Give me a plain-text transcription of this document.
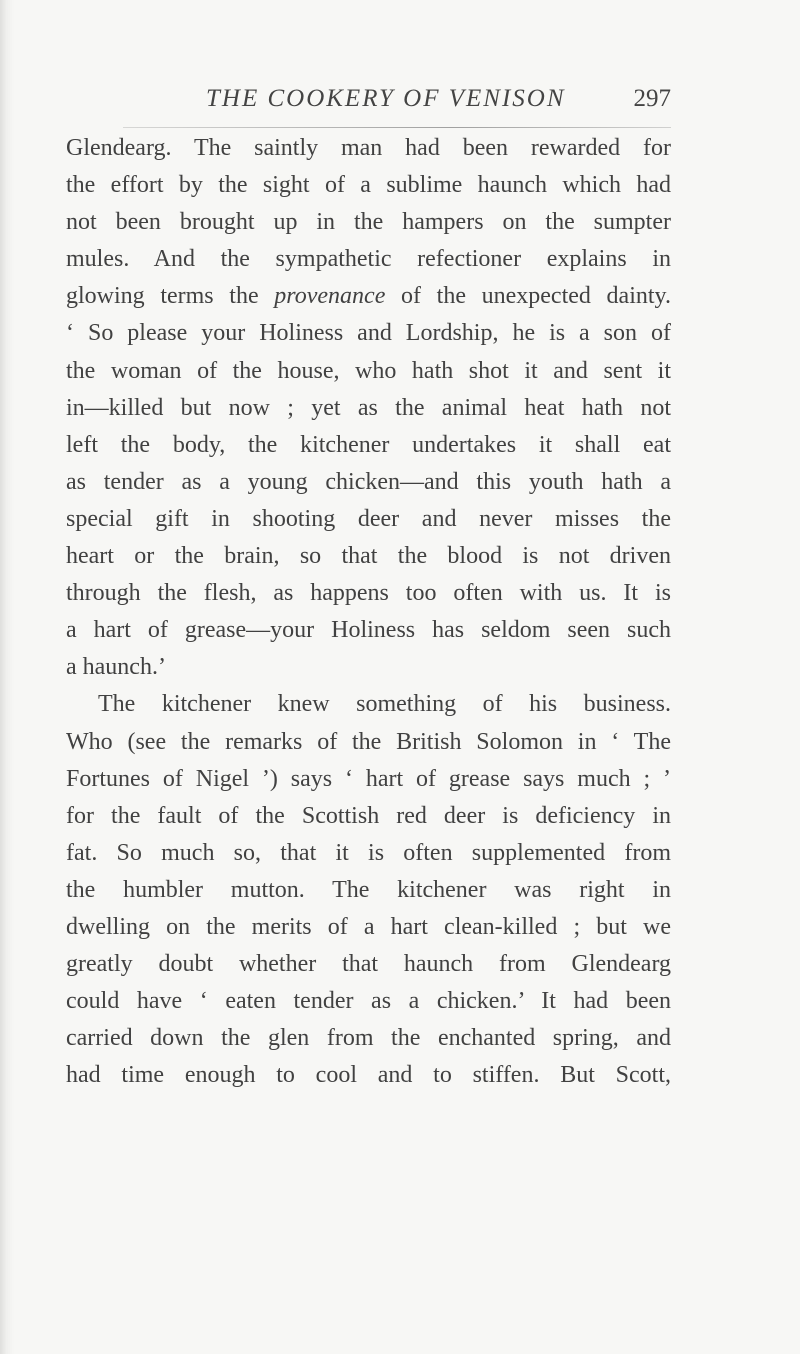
THE COOKERY OF VENISON	297
Glendearg. The saintly man had been rewarded for
the effort by the sight of a sublime haunch which had
not been brought up in the hampers on the sumpter
mules. And the sympathetic refectioner explains in
glowing terms the provenance of the unexpected dainty.
‘ So please your Holiness and Lordship, he is a son of
the woman of the house, who hath shot it and sent it
in—killed but now ; yet as the animal heat hath not
left the body, the kitchener undertakes it shall eat
as tender as a young chicken—and this youth hath a
special gift in shooting deer and never misses the
heart or the brain, so that the blood is not driven
through the flesh, as happens too often with us. It is
a hart of grease—your Holiness has seldom seen such
a haunch.’
The kitchener knew something of his business.
Who (see the remarks of the British Solomon in ‘ The
Fortunes of Nigel ’) says ‘ hart of grease says much ; ’
for the fault of the Scottish red deer is deficiency in
fat. So much so, that it is often supplemented from
the humbler mutton. The kitchener was right in
dwelling on the merits of a hart clean-killed ; but we
greatly doubt whether that haunch from Glendearg
could have ‘ eaten tender as a chicken.’ It had been
carried down the glen from the enchanted spring, and
had time enough to cool and to stiffen. But Scott,
